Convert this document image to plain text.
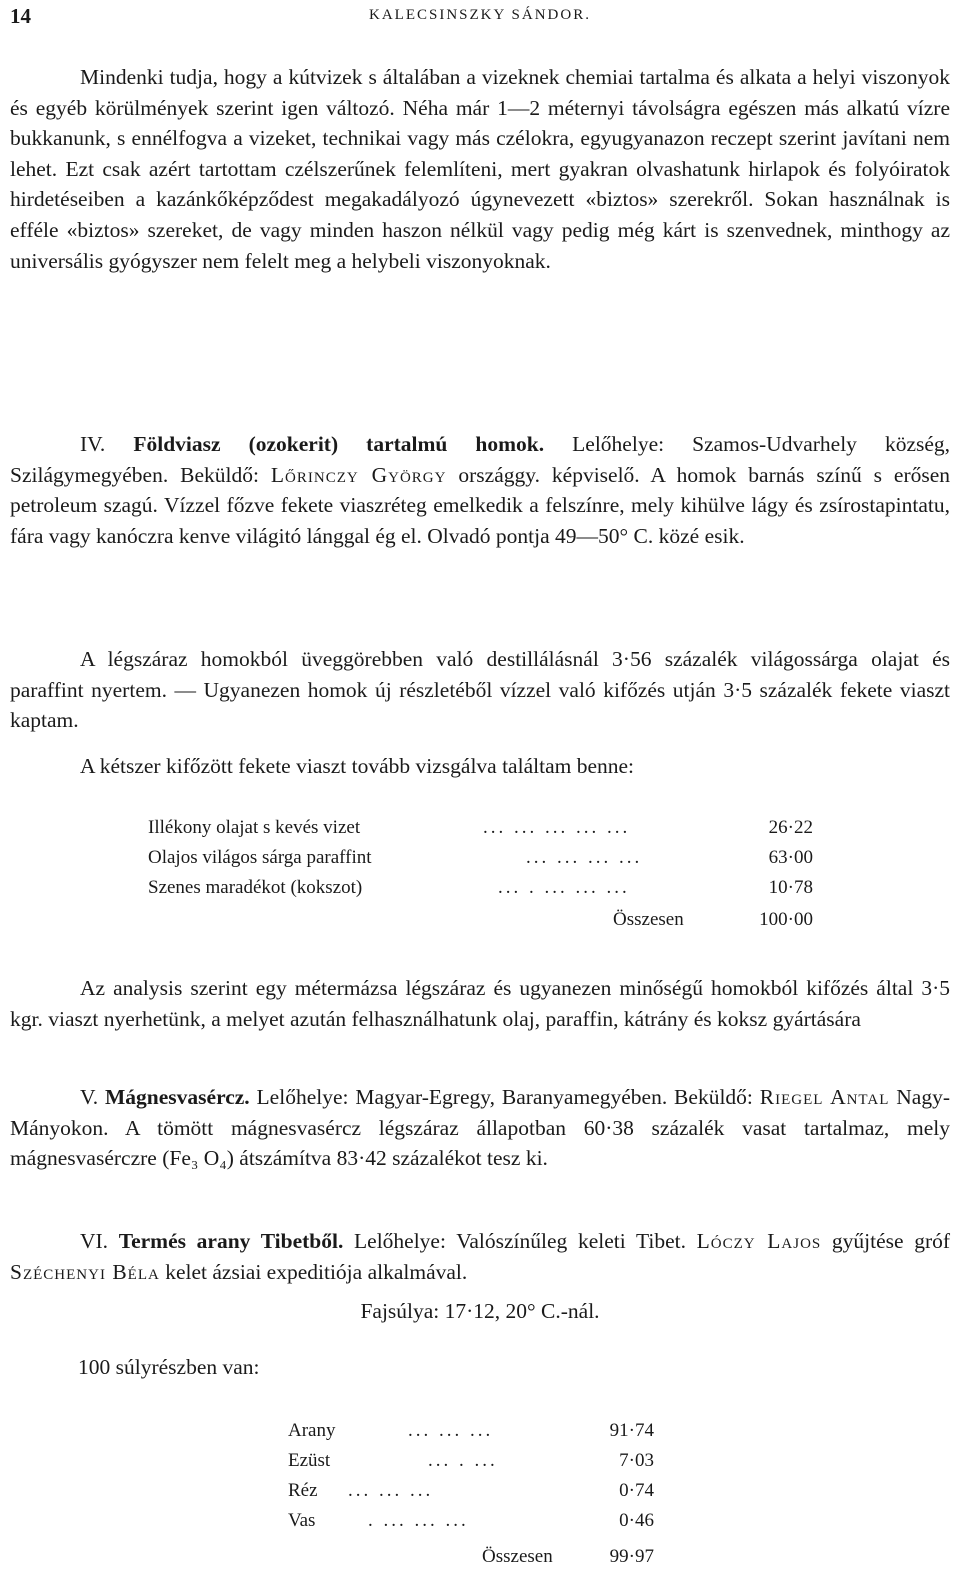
14	KALECSINSZKY SÁNDOR.
Mindenki tudja, hogy a kútvizek s általában a vizeknek chemiai tartalma és alkata a helyi viszonyok és egyéb körülmények szerint igen változó. Néha már 1—2 méternyi távolságra egészen más alkatú vízre bukkanunk, s ennélfogva a vizeket, technikai vagy más czélokra, egyugyanazon reczept szerint javítani nem lehet. Ezt csak azért tartottam czélszerűnek felemlíteni, mert gyakran olvashatunk hirlapok és folyóiratok hirdetéseiben a kazánkőképződest megakadályozó úgynevezett «biztos» szerekről. Sokan használnak is efféle «biztos» szereket, de vagy minden haszon nélkül vagy pedig még kárt is szenvednek, minthogy az universális gyógyszer nem felelt meg a helybeli viszonyoknak.
IV. Földviasz (ozokerit) tartalmú homok. Lelőhelye: Szamos-Udvarhely község, Szilágymegyében. Beküldő: Lőrinczy György országgy. képviselő. A homok barnás színű s erősen petroleum szagú. Vízzel főzve fekete viaszréteg emelkedik a felszínre, mely kihülve lágy és zsírostapintatu, fára vagy kanóczra kenve világitó lánggal ég el. Olvadó pontja 49—50° C. közé esik.
A légszáraz homokból üveggörebben való destillálásnál 3·56 százalék világossárga olajat és paraffint nyertem. — Ugyanezen homok új részletéből vízzel való kifőzés utján 3·5 százalék fekete viaszt kaptam.
A kétszer kifőzött fekete viaszt tovább vizsgálva találtam benne:
Illékony olajat s kevés vizet	... ... ... ... ...	26·22
Olajos világos sárga paraffint	... ... ... ...	63·00
Szenes maradékot (kokszot)	... . ... ... ...	10·78
Összesen	100·00
Az analysis szerint egy métermázsa légszáraz és ugyanezen minőségű homokból kifőzés által 3·5 kgr. viaszt nyerhetünk, a melyet azután felhasználhatunk olaj, paraffin, kátrány és koksz gyártására
V. Mágnesvasércz. Lelőhelye: Magyar-Egregy, Baranyamegyében. Beküldő: Riegel Antal Nagy-Mányokon. A tömött mágnesvasércz légszáraz állapotban 60·38 százalék vasat tartalmaz, mely mágnesvasérczre (Fe₃ O₄) átszámítva 83·42 százalékot tesz ki.
VI. Termés arany Tibetből. Lelőhelye: Valószínűleg keleti Tibet. Lóczy Lajos gyűjtése gróf Széchenyi Béla kelet ázsiai expeditiója alkalmával.
Fajsúlya: 17·12, 20° C.-nál.
100 súlyrészben van:
Arany	... ... ...	91·74
Ezüst	... . ...	7·03
Réz ... ... ...	0·74
Vas	. ... ... ...	0·46
Összesen	99·97
